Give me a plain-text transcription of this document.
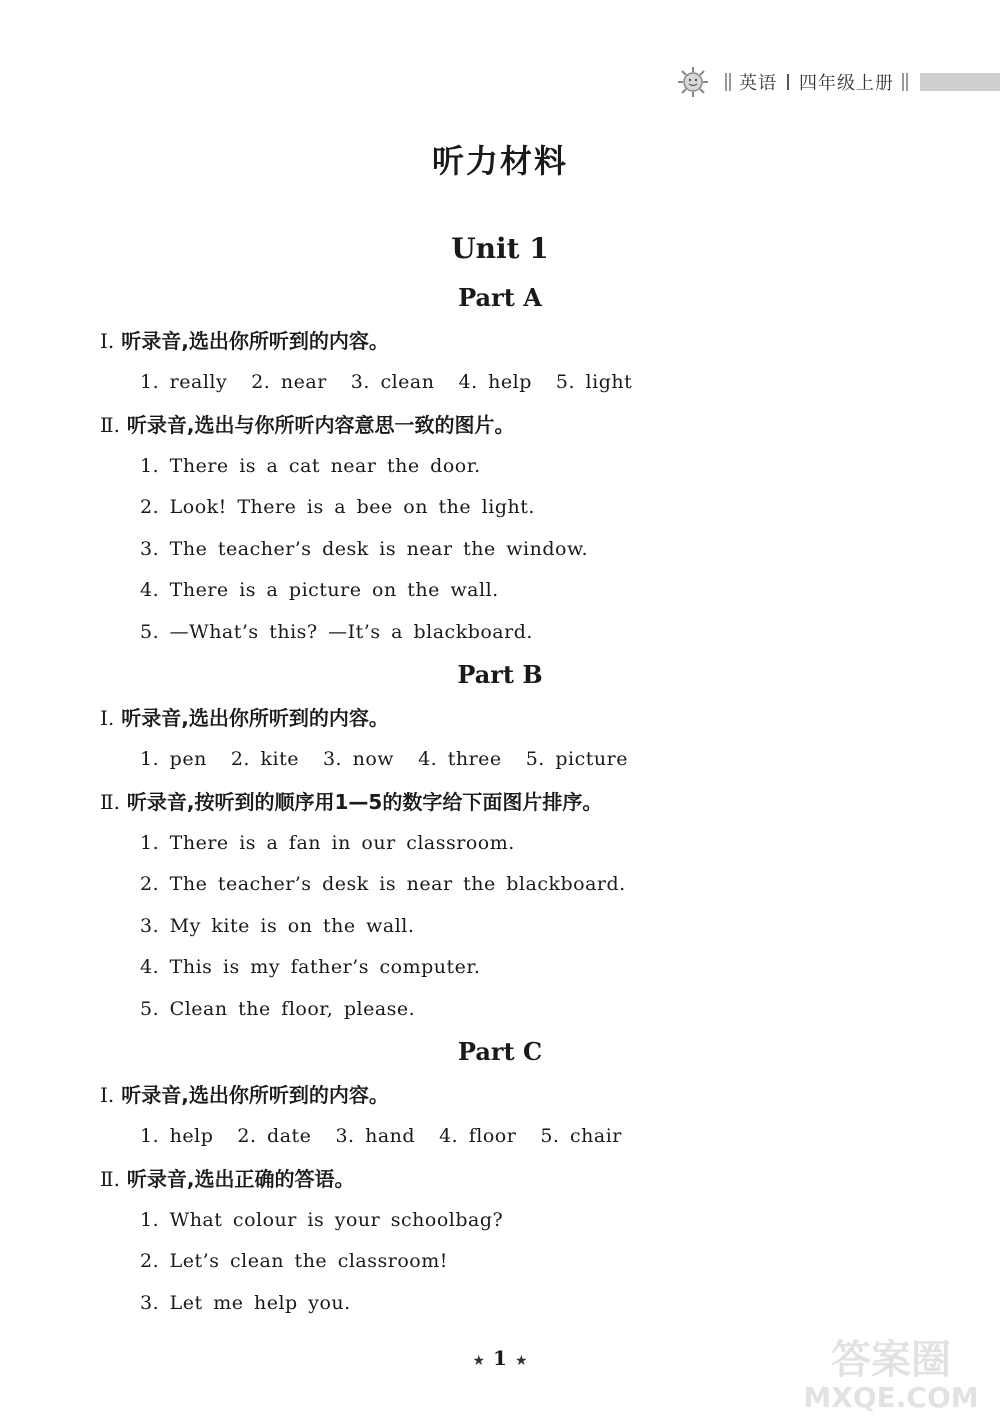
英语 四年级上册
听力材料
Unit 1
Part A
Ⅰ. 听录音,选出你所听到的内容。
1. really 2. near 3. clean 4. help 5. light
Ⅱ. 听录音,选出与你所听内容意思一致的图片。
1. There is a cat near the door.
2. Look! There is a bee on the light.
3. The teacher’s desk is near the window.
4. There is a picture on the wall.
5. —What’s this? —It’s a blackboard.
Part B
Ⅰ. 听录音,选出你所听到的内容。
1. pen 2. kite 3. now 4. three 5. picture
Ⅱ. 听录音,按听到的顺序用1—5的数字给下面图片排序。
1. There is a fan in our classroom.
2. The teacher’s desk is near the blackboard.
3. My kite is on the wall.
4. This is my father’s computer.
5. Clean the floor, please.
Part C
Ⅰ. 听录音,选出你所听到的内容。
1. help 2. date 3. hand 4. floor 5. chair
Ⅱ. 听录音,选出正确的答语。
1. What colour is your schoolbag?
2. Let’s clean the classroom!
3. Let me help you.
★ 1 ★	答案圈
MXQE.COM
